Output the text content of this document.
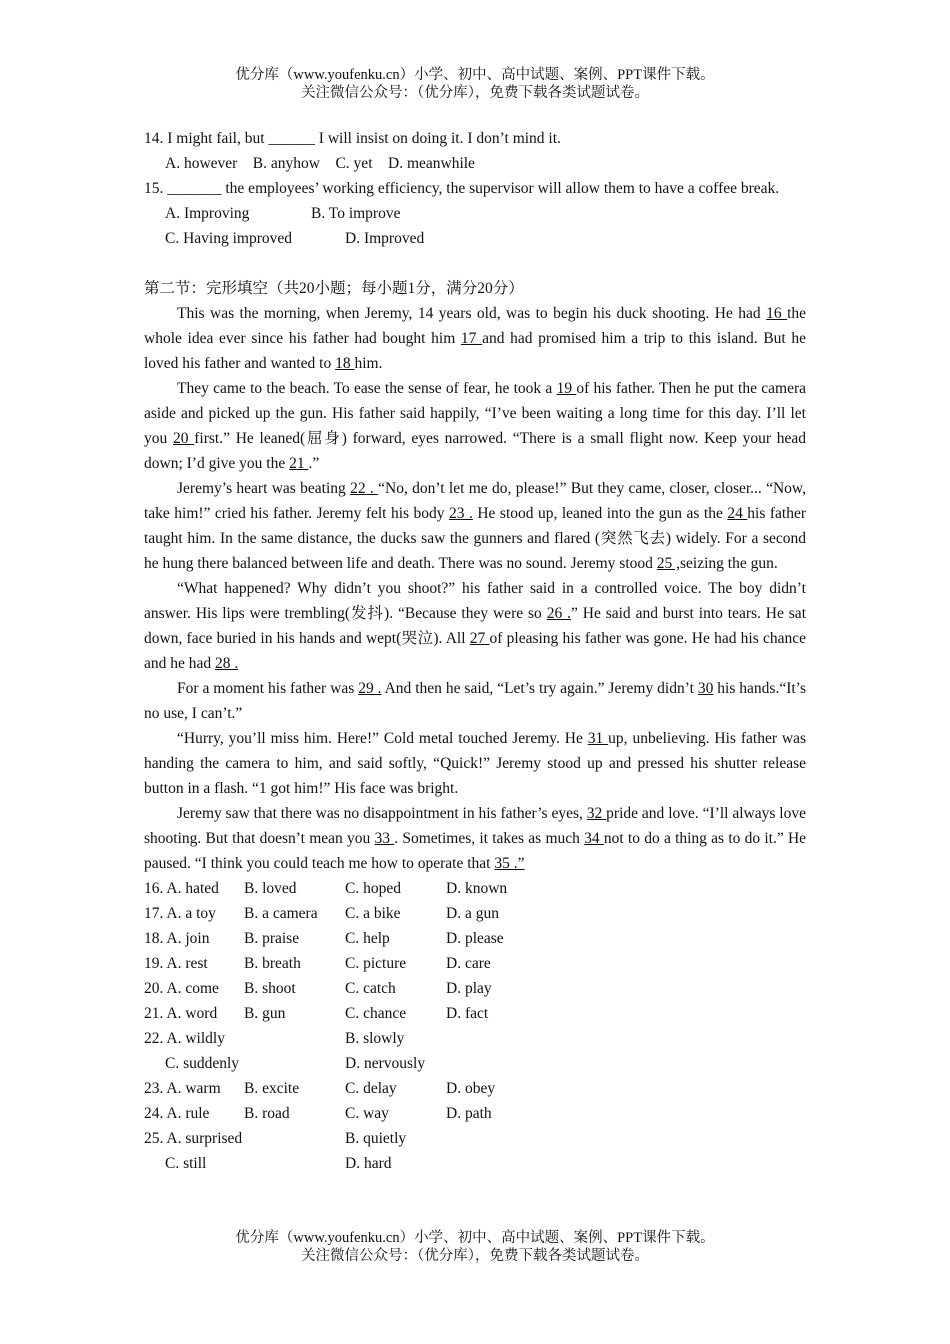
优分库（www.youfenku.cn）小学、初中、高中试题、案例、PPT课件下载。
关注微信公众号：（优分库），免费下载各类试题试卷。
14. I might fail, but ______ I will insist on doing it. I don’t mind it.
A. however    B. anyhow    C. yet    D. meanwhile
15. _______ the employees’ working efficiency, the supervisor will allow them to have a coffee break.
A. Improving	B. To improve
C. Having improved	D. Improved
第二节：完形填空（共20小题；每小题1分，满分20分）
This was the morning, when Jeremy, 14 years old, was to begin his duck shooting. He had 16 the whole idea ever since his father had bought him 17 and had promised him a trip to this island. But he loved his father and wanted to 18 him.
They came to the beach. To ease the sense of fear, he took a 19 of his father. Then he put the camera aside and picked up the gun. His father said happily, “I’ve been waiting a long time for this day. I’ll let you 20 first.” He leaned(屈身) forward, eyes narrowed. “There is a small flight now. Keep your head down; I’d give you the 21 .”
Jeremy’s heart was beating 22 . “No, don’t let me do, please!” But they came, closer, closer... “Now, take him!” cried his father. Jeremy felt his body 23 . He stood up, leaned into the gun as the 24 his father taught him. In the same distance, the ducks saw the gunners and flared (突然飞去) widely. For a second he hung there balanced between life and death. There was no sound. Jeremy stood 25 ,seizing the gun.
“What happened? Why didn’t you shoot?” his father said in a controlled voice. The boy didn’t answer. His lips were trembling(发抖). “Because they were so 26 .” He said and burst into tears. He sat down, face buried in his hands and wept(哭泣). All 27 of pleasing his father was gone. He had his chance and he had 28 .
For a moment his father was 29 . And then he said, “Let’s try again.” Jeremy didn’t 30 his hands.“It’s no use, I can’t.”
“Hurry, you’ll miss him. Here!” Cold metal touched Jeremy. He 31 up, unbelieving. His father was handing the camera to him, and said softly, “Quick!” Jeremy stood up and pressed his shutter release button in a flash. “1 got him!” His face was bright.
Jeremy saw that there was no disappointment in his father’s eyes, 32 pride and love. “I’ll always love shooting. But that doesn’t mean you 33 . Sometimes, it takes as much 34 not to do a thing as to do it.” He paused. “I think you could teach me how to operate that 35 .”
16. A. hated B. loved	C. hoped	D. known
17. A. a toy B. a camera C. a bike	D. a gun
18. A. join B. praise	C. help	D. please
19. A. rest B. breath	C. picture	D. care
20. A. come B. shoot	C. catch	D. play
21. A. word B. gun	C. chance	D. fact
22. A. wildly	B. slowly
C. suddenly	D. nervously
23. A. warm B. excite	C. delay	D. obey
24. A. rule B. road	C. way	D. path
25. A. surprised	B. quietly
C. still	D. hard
优分库（www.youfenku.cn）小学、初中、高中试题、案例、PPT课件下载。
关注微信公众号：（优分库），免费下载各类试题试卷。
